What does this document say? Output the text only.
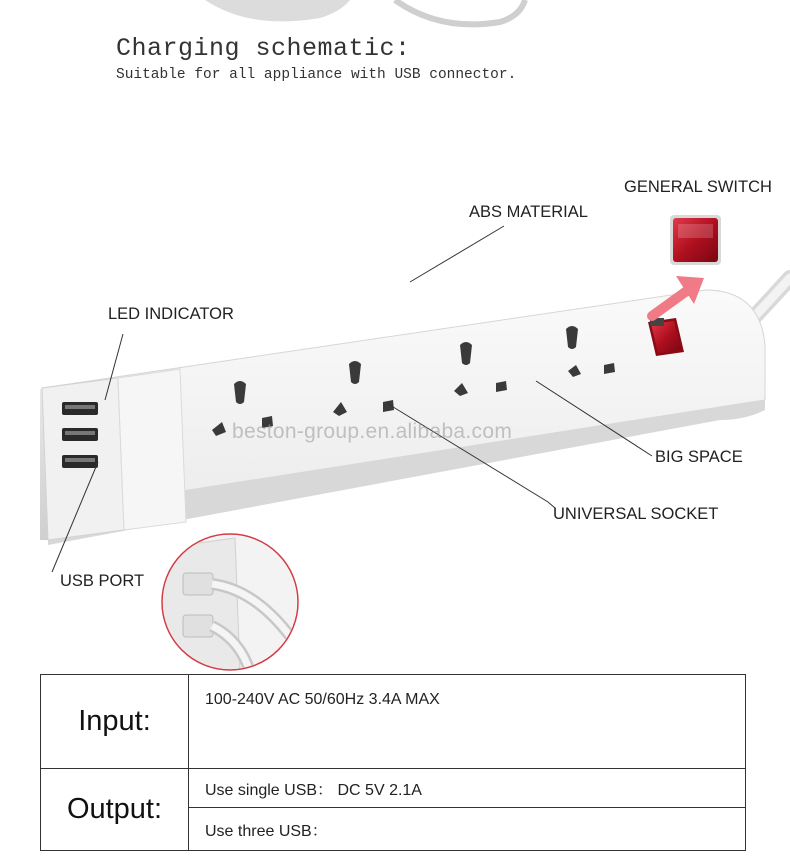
Charging schematic:
Suitable for all appliance with USB connector.
GENERAL SWITCH
ABS MATERIAL
LED INDICATOR
BIG SPACE
UNIVERSAL SOCKET
USB PORT
beston-group.en.alibaba.com
Input:	100-240V AC 50/60Hz 3.4A MAX
Output:	Use single USB： DC 5V 2.1A
	Use three USB：
